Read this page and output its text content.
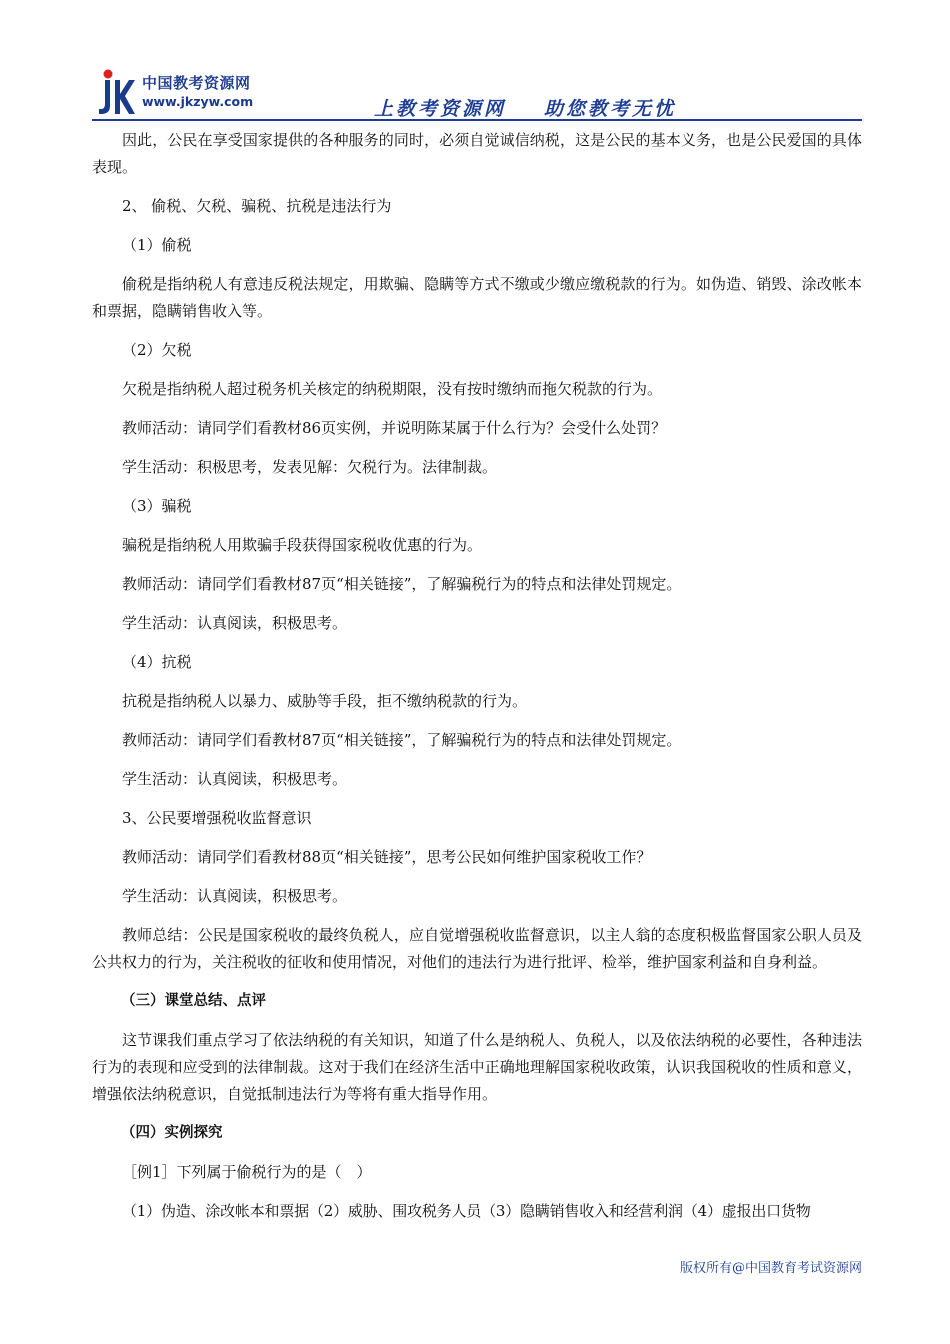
中国教考资源网
www.jkzyw.com	上教考资源网 助您教考无忧

因此，公民在享受国家提供的各种服务的同时，必须自觉诚信纳税，这是公民的基本义务，也是公民爱国的具体表现。

2、 偷税、欠税、骗税、抗税是违法行为

（1）偷税

偷税是指纳税人有意违反税法规定，用欺骗、隐瞒等方式不缴或少缴应缴税款的行为。如伪造、销毁、涂改帐本和票据，隐瞒销售收入等。

（2）欠税

欠税是指纳税人超过税务机关核定的纳税期限，没有按时缴纳而拖欠税款的行为。

教师活动：请同学们看教材86页实例，并说明陈某属于什么行为？会受什么处罚？

学生活动：积极思考，发表见解：欠税行为。法律制裁。

（3）骗税

骗税是指纳税人用欺骗手段获得国家税收优惠的行为。

教师活动：请同学们看教材87页“相关链接”，了解骗税行为的特点和法律处罚规定。

学生活动：认真阅读，积极思考。

（4）抗税

抗税是指纳税人以暴力、威胁等手段，拒不缴纳税款的行为。

教师活动：请同学们看教材87页“相关链接”，了解骗税行为的特点和法律处罚规定。

学生活动：认真阅读，积极思考。

3、公民要增强税收监督意识

教师活动：请同学们看教材88页“相关链接”，思考公民如何维护国家税收工作？

学生活动：认真阅读，积极思考。

教师总结：公民是国家税收的最终负税人，应自觉增强税收监督意识，以主人翁的态度积极监督国家公职人员及公共权力的行为，关注税收的征收和使用情况，对他们的违法行为进行批评、检举，维护国家利益和自身利益。

（三）课堂总结、点评

这节课我们重点学习了依法纳税的有关知识，知道了什么是纳税人、负税人，以及依法纳税的必要性，各种违法行为的表现和应受到的法律制裁。这对于我们在经济生活中正确地理解国家税收政策，认识我国税收的性质和意义，增强依法纳税意识，自觉抵制违法行为等将有重大指导作用。

（四）实例探究

［例1］下列属于偷税行为的是（　）

（1）伪造、涂改帐本和票据（2）威胁、围攻税务人员（3）隐瞒销售收入和经营利润（4）虚报出口货物

版权所有@中国教育考试资源网
